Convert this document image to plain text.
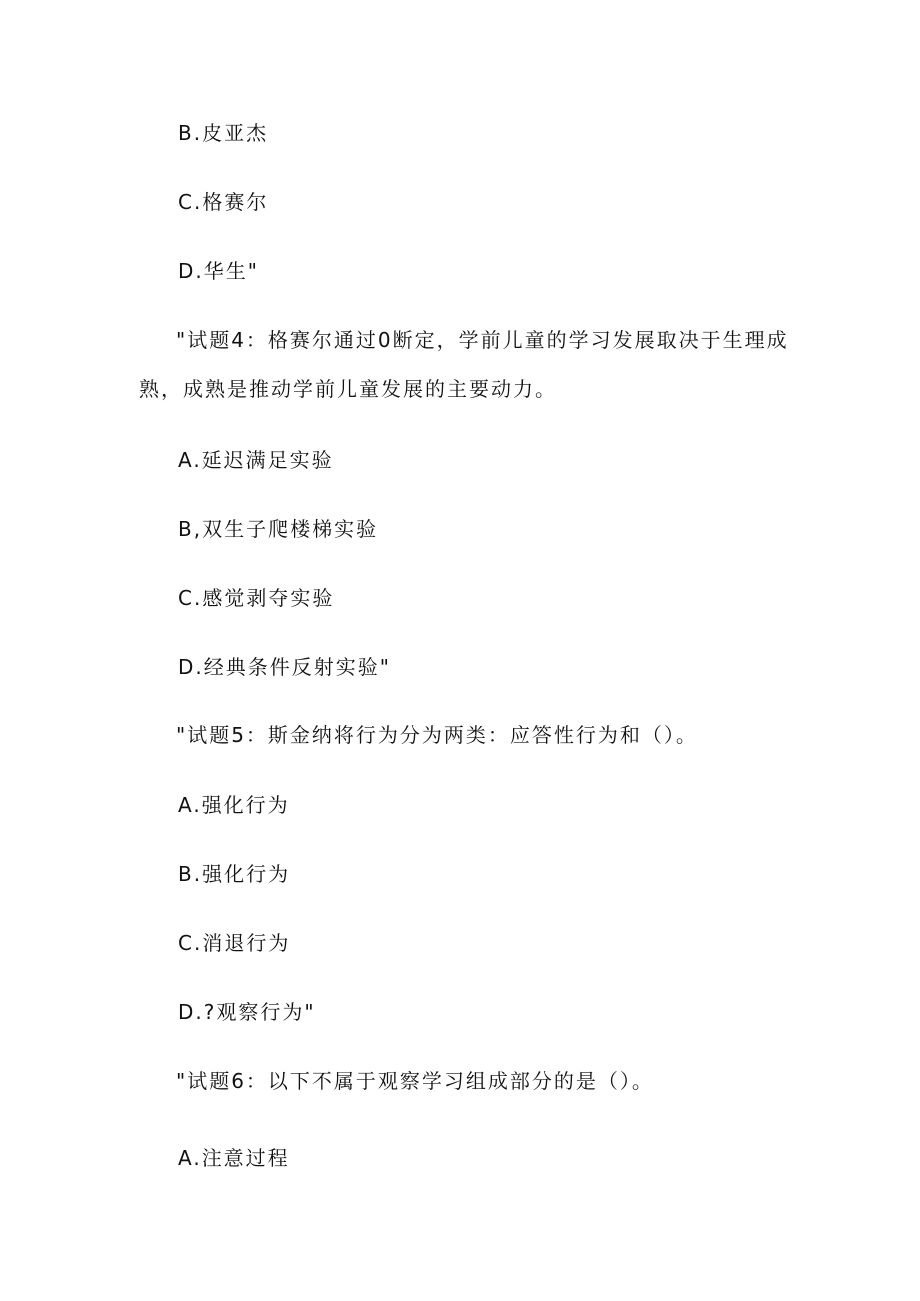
B.皮亚杰
C.格赛尔
D.华生"
"试题4：格赛尔通过0断定，学前儿童的学习发展取决于生理成
熟，成熟是推动学前儿童发展的主要动力。
A.延迟满足实验
B,双生子爬楼梯实验
C.感觉剥夺实验
D.经典条件反射实验"
"试题5：斯金纳将行为分为两类：应答性行为和（）。
A.强化行为
B.强化行为
C.消退行为
D.?观察行为"
"试题6：以下不属于观察学习组成部分的是（）。
A.注意过程
